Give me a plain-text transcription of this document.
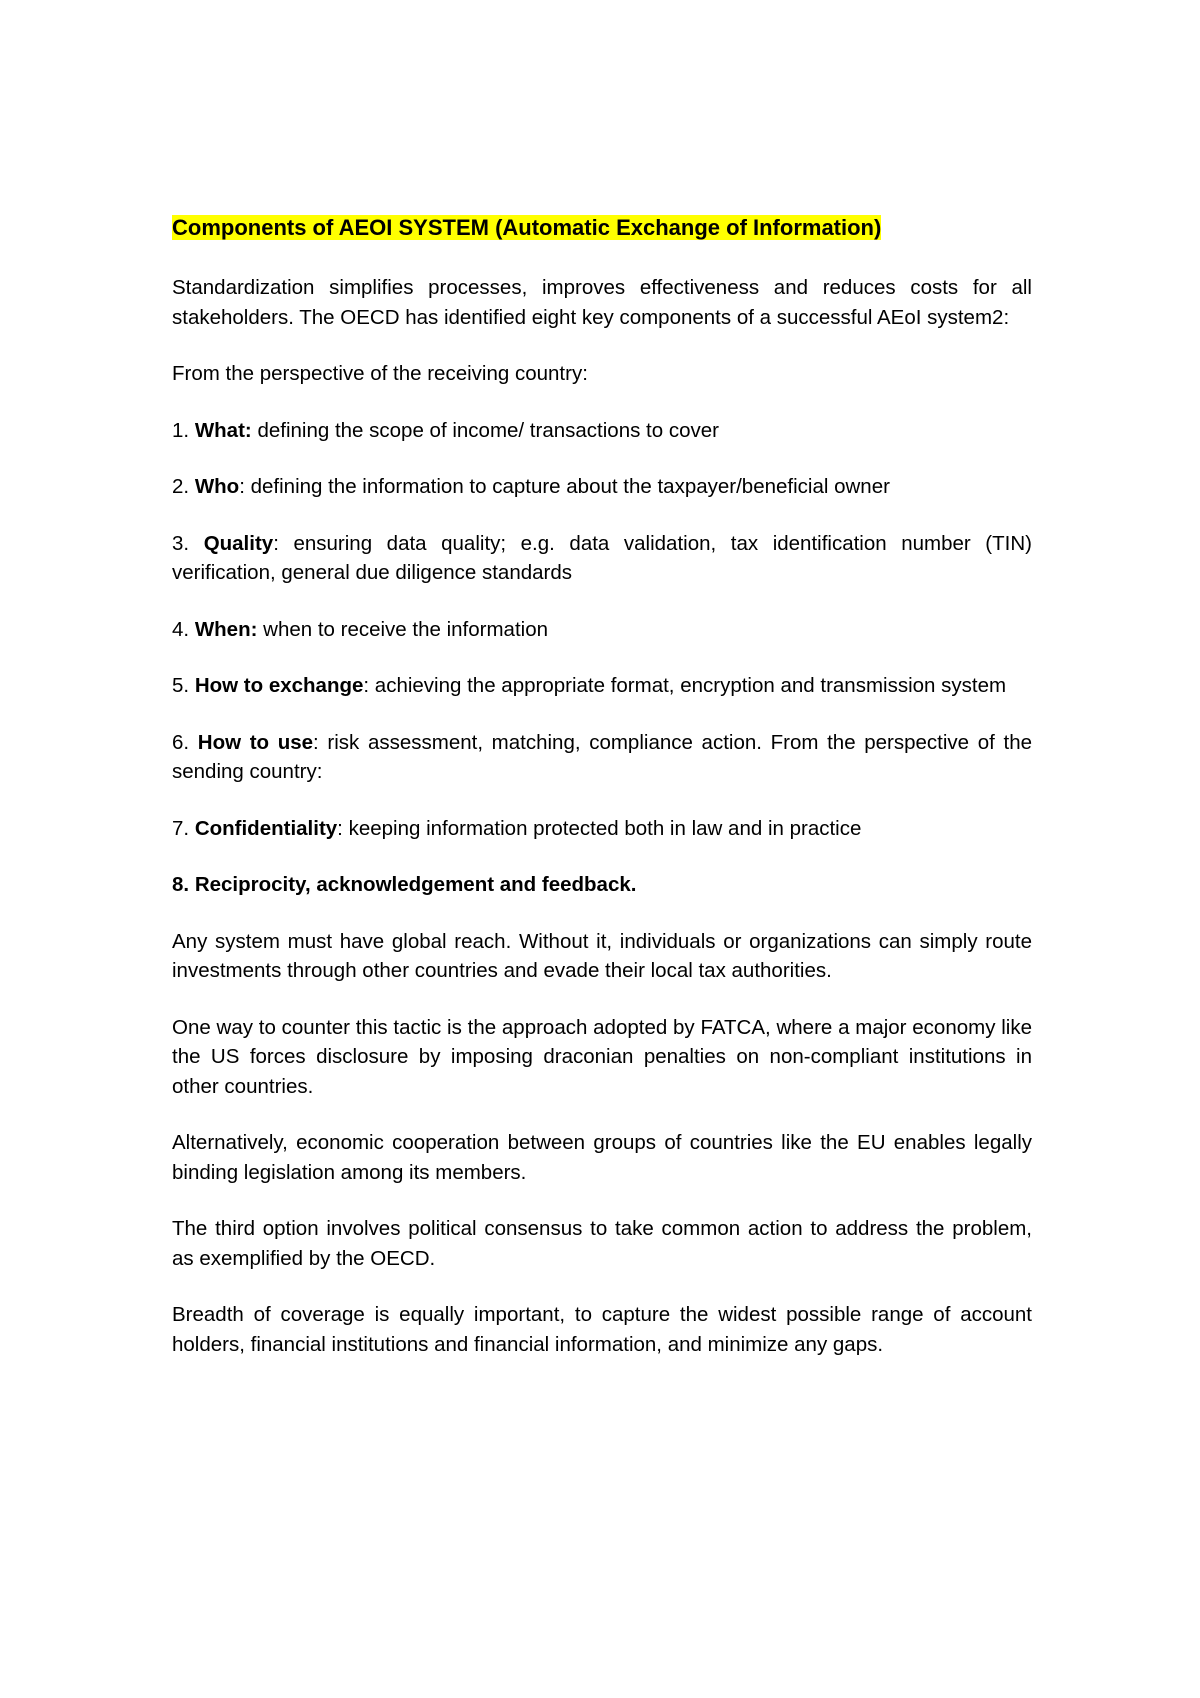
Components of AEOI SYSTEM (Automatic Exchange of Information)

Standardization simplifies processes, improves effectiveness and reduces costs for all stakeholders. The OECD has identified eight key components of a successful AEoI system2:

From the perspective of the receiving country:

1. What: defining the scope of income/ transactions to cover

2. Who: defining the information to capture about the taxpayer/beneficial owner

3. Quality: ensuring data quality; e.g. data validation, tax identification number (TIN) verification, general due diligence standards

4. When: when to receive the information

5. How to exchange: achieving the appropriate format, encryption and transmission system

6. How to use: risk assessment, matching, compliance action. From the perspective of the sending country:

7. Confidentiality: keeping information protected both in law and in practice

8. Reciprocity, acknowledgement and feedback.

Any system must have global reach. Without it, individuals or organizations can simply route investments through other countries and evade their local tax authorities.

One way to counter this tactic is the approach adopted by FATCA, where a major economy like the US forces disclosure by imposing draconian penalties on non-compliant institutions in other countries.

Alternatively, economic cooperation between groups of countries like the EU enables legally binding legislation among its members.

The third option involves political consensus to take common action to address the problem, as exemplified by the OECD.

Breadth of coverage is equally important, to capture the widest possible range of account holders, financial institutions and financial information, and minimize any gaps.
